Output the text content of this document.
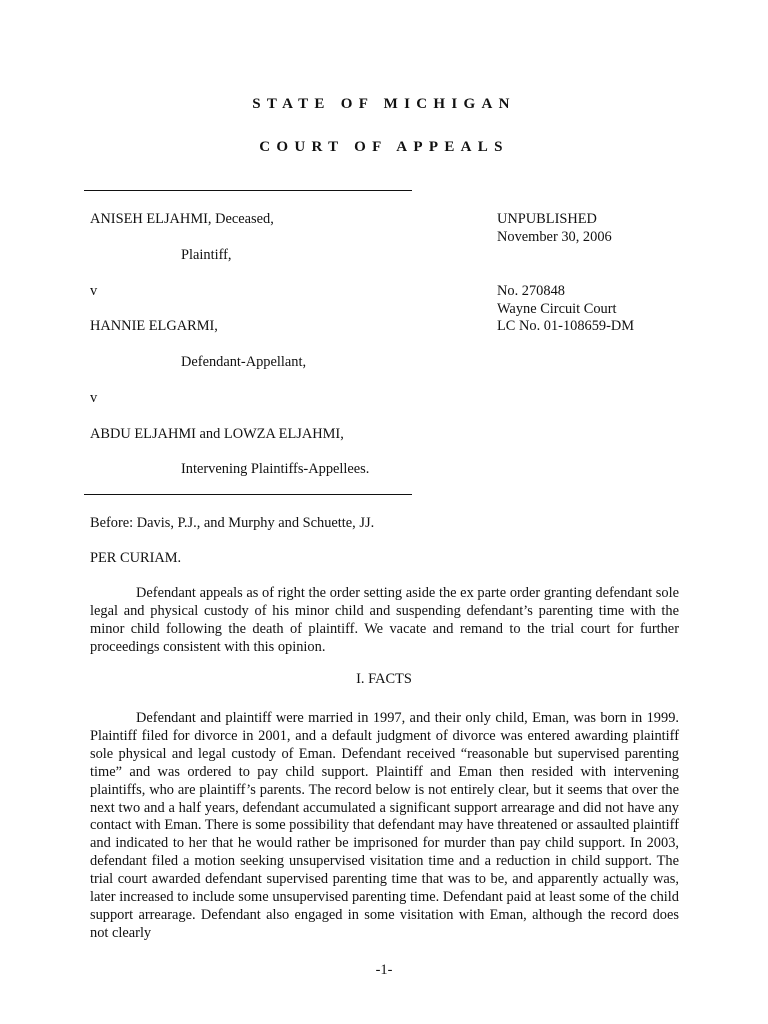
STATE OF MICHIGAN
COURT OF APPEALS
ANISEH ELJAHMI, Deceased,
Plaintiff,
v
HANNIE ELGARMI,
Defendant-Appellant,
v
ABDU ELJAHMI and LOWZA ELJAHMI,
Intervening Plaintiffs-Appellees.
UNPUBLISHED
November 30, 2006
No. 270848
Wayne Circuit Court
LC No. 01-108659-DM
Before: Davis, P.J., and Murphy and Schuette, JJ.
PER CURIAM.

Defendant appeals as of right the order setting aside the ex parte order granting defendant sole legal and physical custody of his minor child and suspending defendant’s parenting time with the minor child following the death of plaintiff. We vacate and remand to the trial court for further proceedings consistent with this opinion.

I. FACTS

Defendant and plaintiff were married in 1997, and their only child, Eman, was born in 1999. Plaintiff filed for divorce in 2001, and a default judgment of divorce was entered awarding plaintiff sole physical and legal custody of Eman. Defendant received “reasonable but supervised parenting time” and was ordered to pay child support. Plaintiff and Eman then resided with intervening plaintiffs, who are plaintiff’s parents. The record below is not entirely clear, but it seems that over the next two and a half years, defendant accumulated a significant support arrearage and did not have any contact with Eman. There is some possibility that defendant may have threatened or assaulted plaintiff and indicated to her that he would rather be imprisoned for murder than pay child support. In 2003, defendant filed a motion seeking unsupervised visitation time and a reduction in child support. The trial court awarded defendant supervised parenting time that was to be, and apparently actually was, later increased to include some unsupervised parenting time. Defendant paid at least some of the child support arrearage. Defendant also engaged in some visitation with Eman, although the record does not clearly

-1-
